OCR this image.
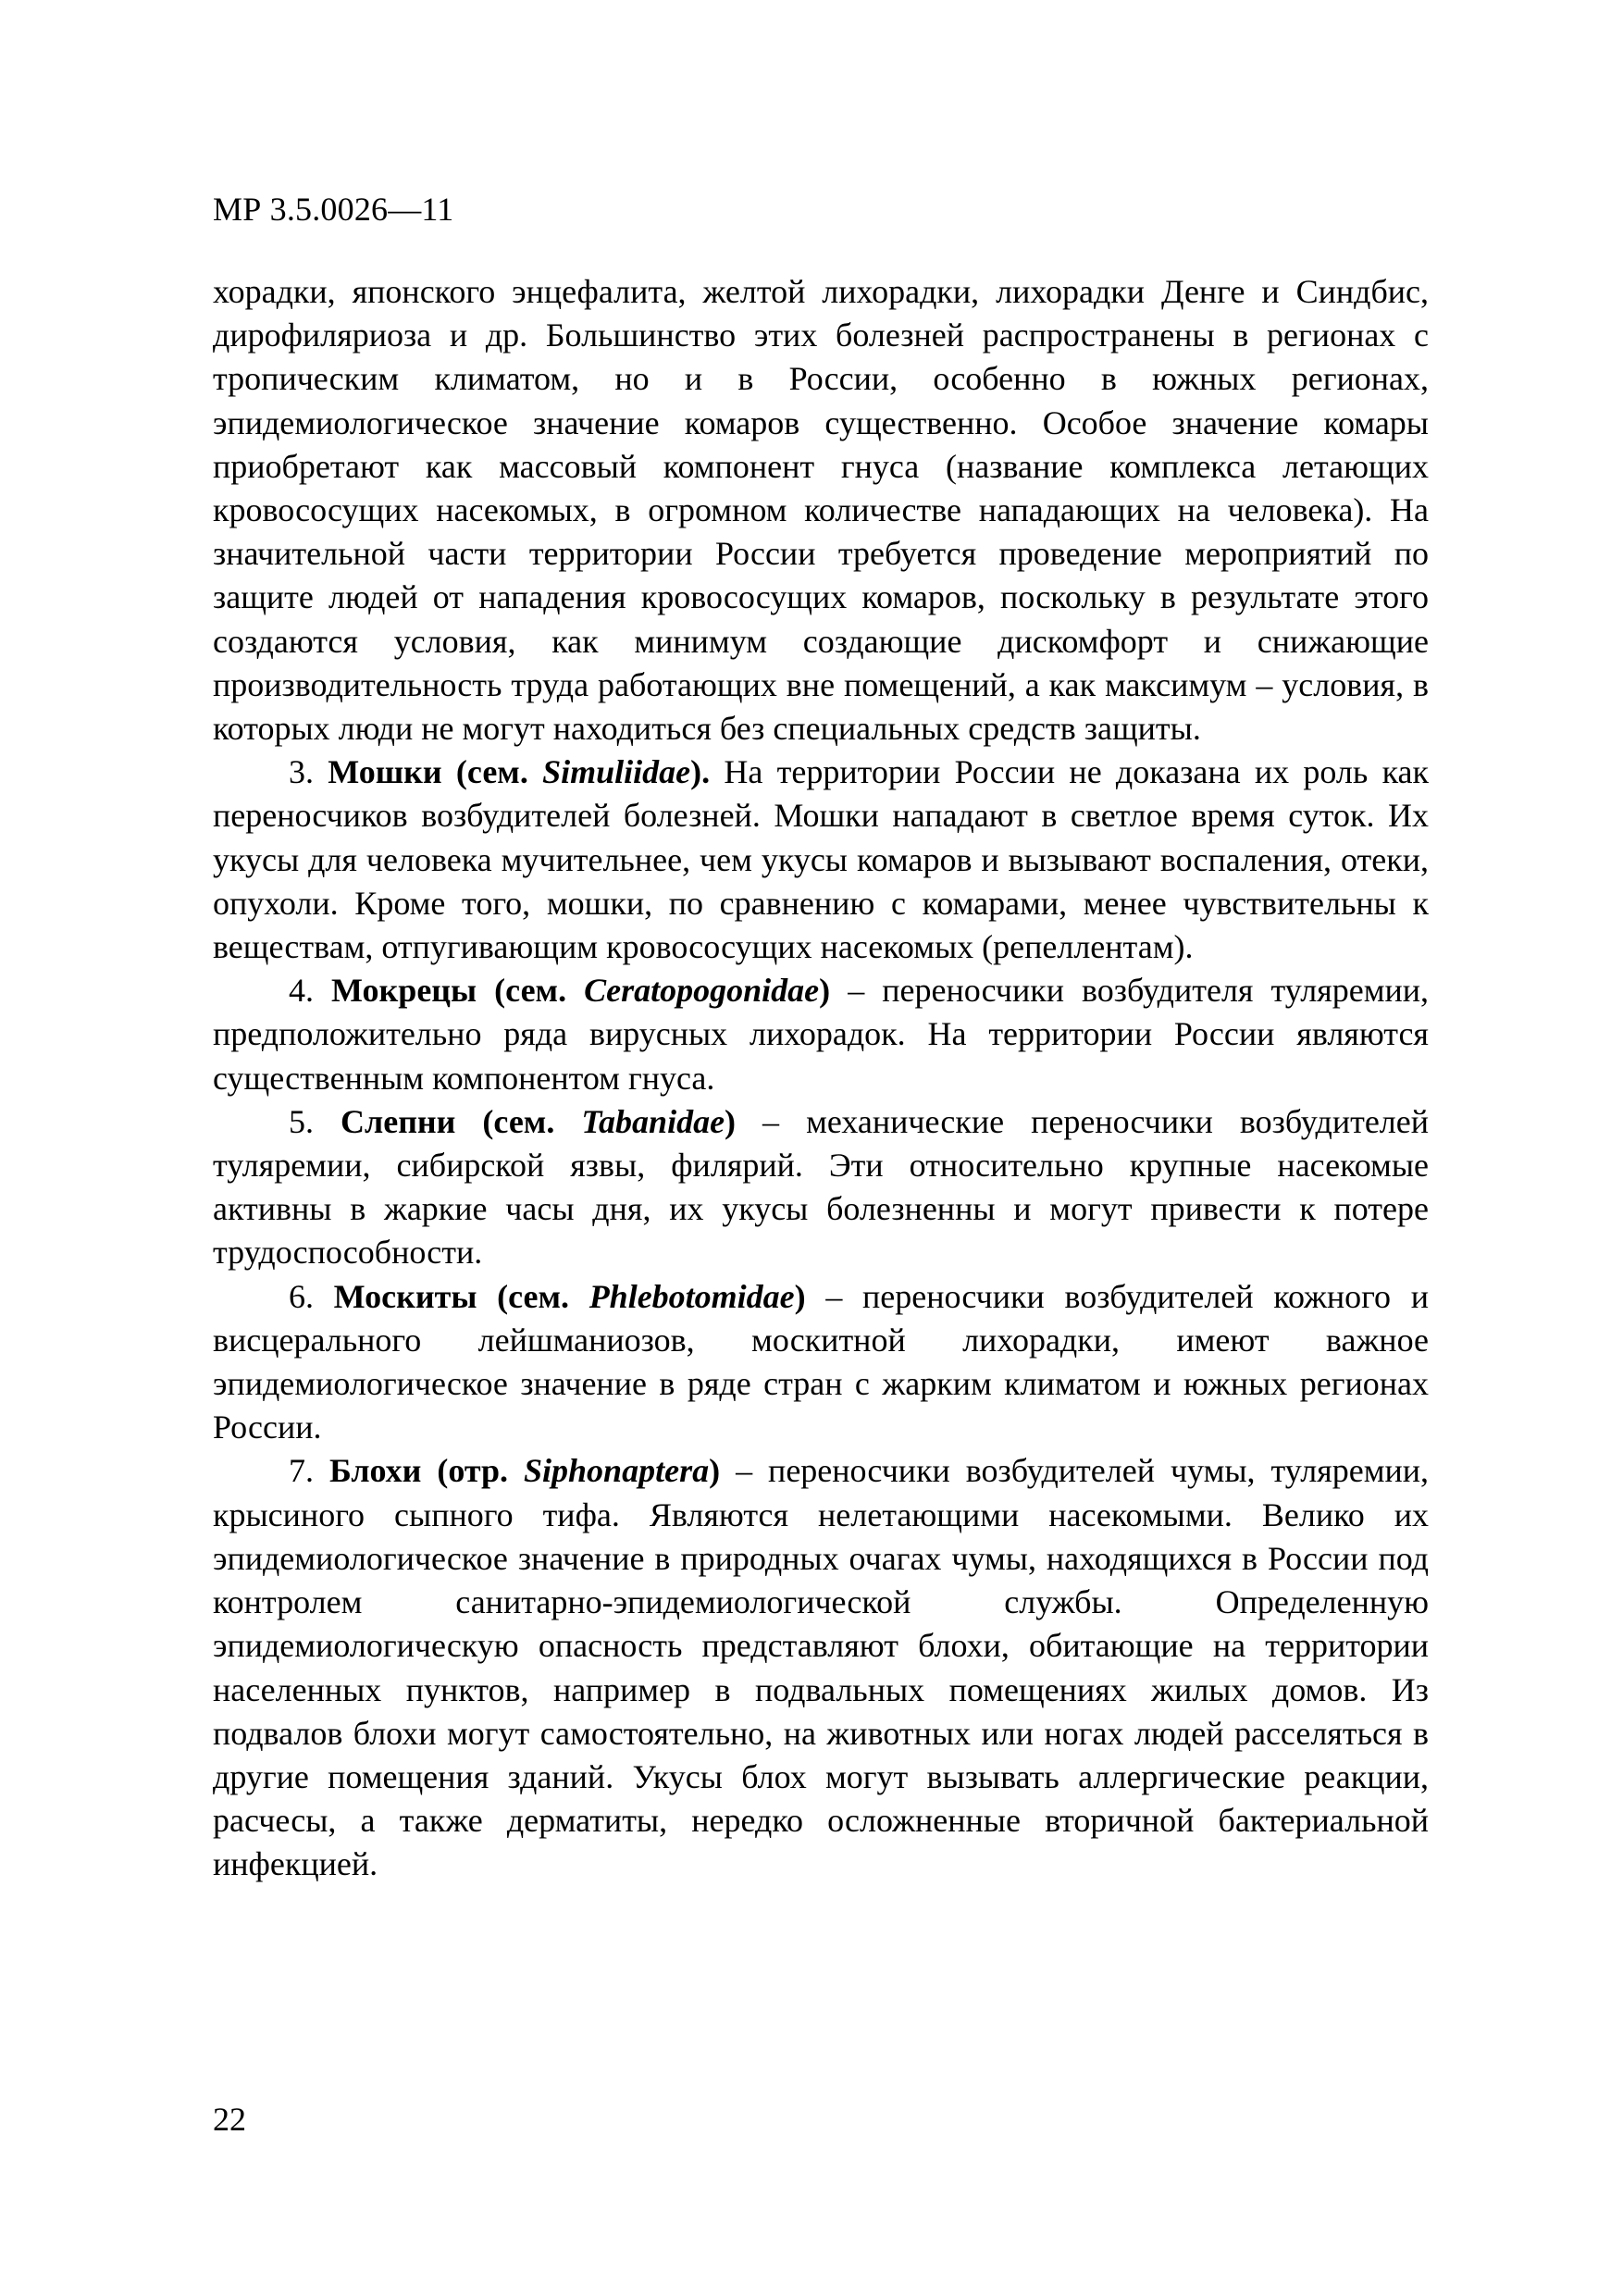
МР 3.5.0026—11

хорадки, японского энцефалита, желтой лихорадки, лихорадки Денге и Синдбис, дирофиляриоза и др. Большинство этих болезней распространены в регионах с тропическим климатом, но и в России, особенно в южных регионах, эпидемиологическое значение комаров существенно. Особое значение комары приобретают как массовый компонент гнуса (название комплекса летающих кровососущих насекомых, в огромном количестве нападающих на человека). На значительной части территории России требуется проведение мероприятий по защите людей от нападения кровососущих комаров, поскольку в результате этого создаются условия, как минимум создающие дискомфорт и снижающие производительность труда работающих вне помещений, а как максимум – условия, в которых люди не могут находиться без специальных средств защиты.

3. Мошки (сем. Simuliidae). На территории России не доказана их роль как переносчиков возбудителей болезней. Мошки нападают в светлое время суток. Их укусы для человека мучительнее, чем укусы комаров и вызывают воспаления, отеки, опухоли. Кроме того, мошки, по сравнению с комарами, менее чувствительны к веществам, отпугивающим кровососущих насекомых (репеллентам).

4. Мокрецы (сем. Ceratopogonidae) – переносчики возбудителя туляремии, предположительно ряда вирусных лихорадок. На территории России являются существенным компонентом гнуса.

5. Слепни (сем. Tabanidae) – механические переносчики возбудителей туляремии, сибирской язвы, филярий. Эти относительно крупные насекомые активны в жаркие часы дня, их укусы болезненны и могут привести к потере трудоспособности.

6. Москиты (сем. Phlebotomidae) – переносчики возбудителей кожного и висцерального лейшманиозов, москитной лихорадки, имеют важное эпидемиологическое значение в ряде стран с жарким климатом и южных регионах России.

7. Блохи (отр. Siphonaptera) – переносчики возбудителей чумы, туляремии, крысиного сыпного тифа. Являются нелетающими насекомыми. Велико их эпидемиологическое значение в природных очагах чумы, находящихся в России под контролем санитарно-эпидемиологической службы. Определенную эпидемиологическую опасность представляют блохи, обитающие на территории населенных пунктов, например в подвальных помещениях жилых домов. Из подвалов блохи могут самостоятельно, на животных или ногах людей расселяться в другие помещения зданий. Укусы блох могут вызывать аллергические реакции, расчесы, а также дерматиты, нередко осложненные вторичной бактериальной инфекцией.

22
